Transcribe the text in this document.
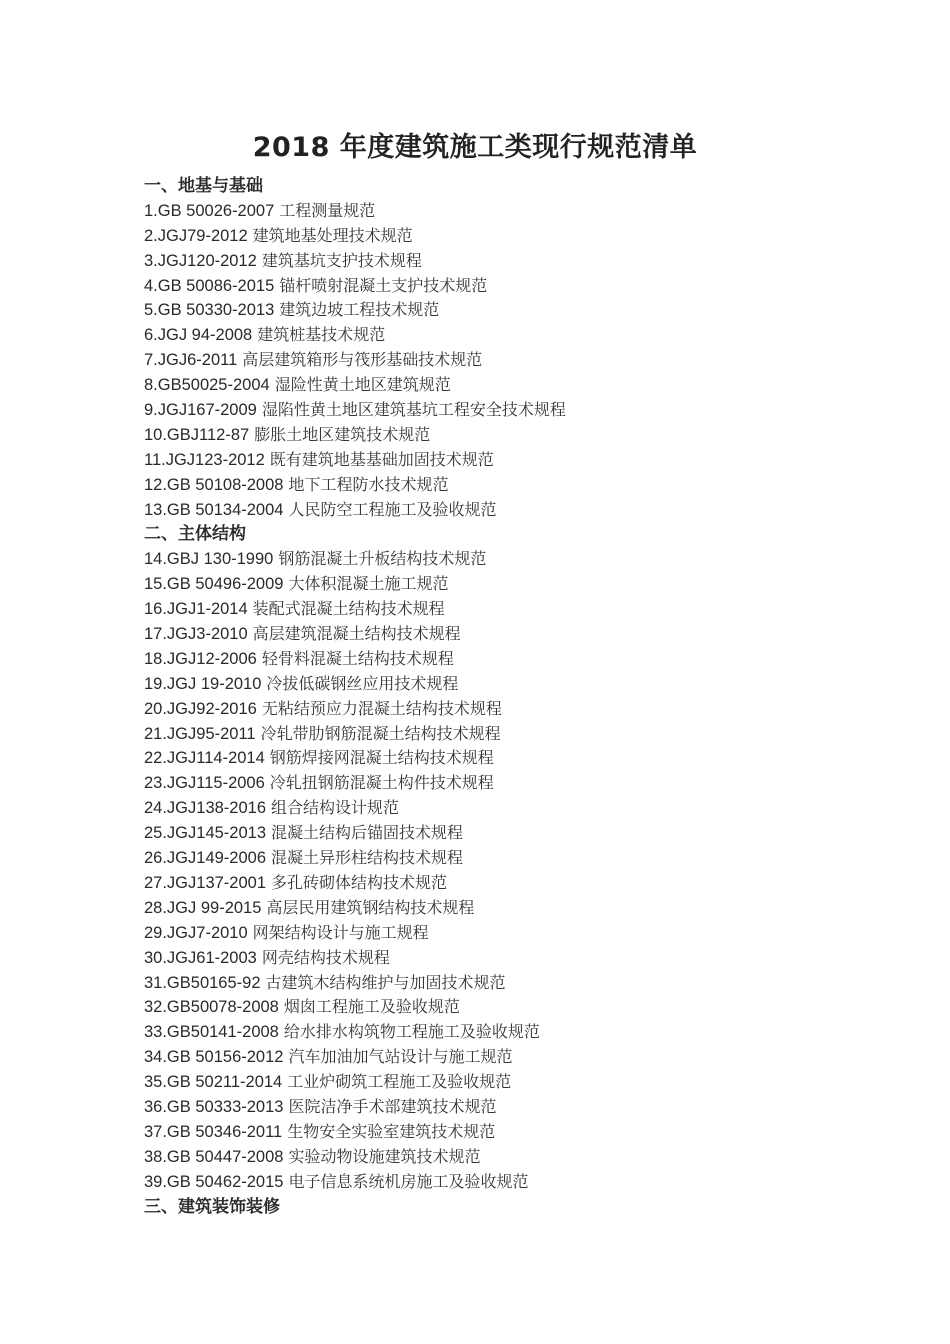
2018 年度建筑施工类现行规范清单
一、地基与基础
1.GB 50026-2007 工程测量规范
2.JGJ79-2012 建筑地基处理技术规范
3.JGJ120-2012 建筑基坑支护技术规程
4.GB 50086-2015 锚杆喷射混凝土支护技术规范
5.GB 50330-2013 建筑边坡工程技术规范
6.JGJ 94-2008 建筑桩基技术规范
7.JGJ6-2011 高层建筑箱形与筏形基础技术规范
8.GB50025-2004 湿险性黄土地区建筑规范
9.JGJ167-2009 湿陷性黄土地区建筑基坑工程安全技术规程
10.GBJ112-87 膨胀土地区建筑技术规范
11.JGJ123-2012 既有建筑地基基础加固技术规范
12.GB 50108-2008 地下工程防水技术规范
13.GB 50134-2004 人民防空工程施工及验收规范
二、主体结构
14.GBJ 130-1990 钢筋混凝土升板结构技术规范
15.GB 50496-2009 大体积混凝土施工规范
16.JGJ1-2014 装配式混凝土结构技术规程
17.JGJ3-2010 高层建筑混凝土结构技术规程
18.JGJ12-2006 轻骨料混凝土结构技术规程
19.JGJ 19-2010 冷拔低碳钢丝应用技术规程
20.JGJ92-2016 无粘结预应力混凝土结构技术规程
21.JGJ95-2011 冷轧带肋钢筋混凝土结构技术规程
22.JGJ114-2014 钢筋焊接网混凝土结构技术规程
23.JGJ115-2006 冷轧扭钢筋混凝土构件技术规程
24.JGJ138-2016 组合结构设计规范
25.JGJ145-2013 混凝土结构后锚固技术规程
26.JGJ149-2006 混凝土异形柱结构技术规程
27.JGJ137-2001 多孔砖砌体结构技术规范
28.JGJ 99-2015 高层民用建筑钢结构技术规程
29.JGJ7-2010 网架结构设计与施工规程
30.JGJ61-2003 网壳结构技术规程
31.GB50165-92 古建筑木结构维护与加固技术规范
32.GB50078-2008 烟囱工程施工及验收规范
33.GB50141-2008 给水排水构筑物工程施工及验收规范
34.GB 50156-2012 汽车加油加气站设计与施工规范
35.GB 50211-2014 工业炉砌筑工程施工及验收规范
36.GB 50333-2013 医院洁净手术部建筑技术规范
37.GB 50346-2011 生物安全实验室建筑技术规范
38.GB 50447-2008 实验动物设施建筑技术规范
39.GB 50462-2015 电子信息系统机房施工及验收规范
三、建筑装饰装修
